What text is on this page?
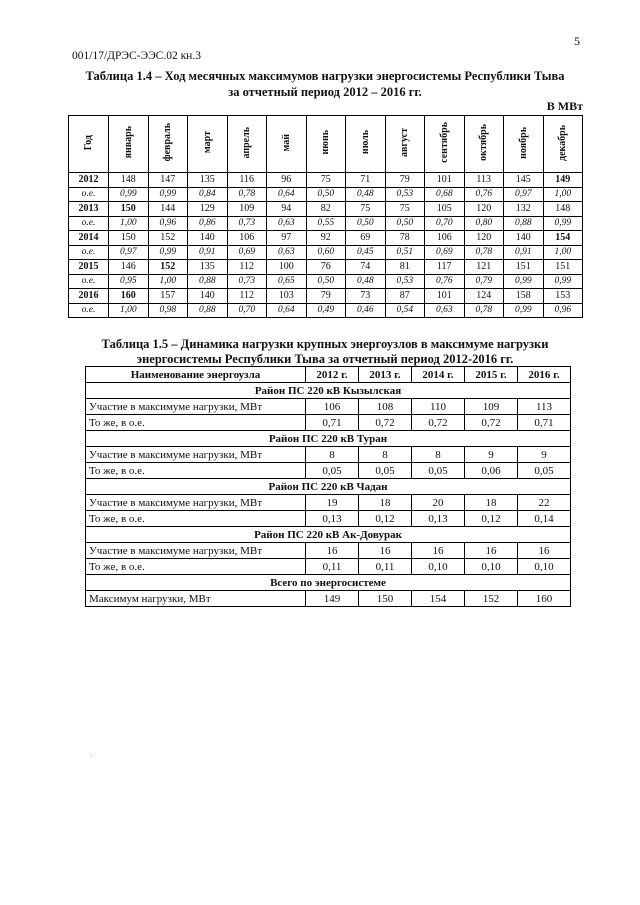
5
001/17/ДРЭС-ЭЭС.02 кн.3
Таблица 1.4 – Ход месячных максимумов нагрузки энергосистемы Республики Тыва
за отчетный период 2012 – 2016 гг.
В МВт
Год	январь	февраль	март	апрель	май	июнь	июль	август	сентябрь	октябрь	ноябрь	декабрь
2012	148	147	135	116	96	75	71	79	101	113	145	149
о.е.	0,99	0,99	0,84	0,78	0,64	0,50	0,48	0,53	0,68	0,76	0,97	1,00
2013	150	144	129	109	94	82	75	75	105	120	132	148
о.е.	1,00	0,96	0,86	0,73	0,63	0,55	0,50	0,50	0,70	0,80	0,88	0,99
2014	150	152	140	106	97	92	69	78	106	120	140	154
о.е.	0,97	0,99	0,91	0,69	0,63	0,60	0,45	0,51	0,69	0,78	0,91	1,00
2015	146	152	135	112	100	76	74	81	117	121	151	151
о.е.	0,95	1,00	0,88	0,73	0,65	0,50	0,48	0,53	0,76	0,79	0,99	0,99
2016	160	157	140	112	103	79	73	87	101	124	158	153
о.е.	1,00	0,98	0,88	0,70	0,64	0,49	0,46	0,54	0,63	0,78	0,99	0,96
Таблица 1.5 – Динамика нагрузки крупных энергоузлов в максимуме нагрузки
энергосистемы Республики Тыва за отчетный период 2012-2016 гг.
Наименование энергоузла	2012 г.	2013 г.	2014 г.	2015 г.	2016 г.
Район ПС 220 кВ Кызылская					
Участие в максимуме нагрузки, МВт	106	108	110	109	113
То же, в о.е.	0,71	0,72	0,72	0,72	0,71
Район ПС 220 кВ Туран					
Участие в максимуме нагрузки, МВт	8	8	8	9	9
То же, в о.е.	0,05	0,05	0,05	0,06	0,05
Район ПС 220 кВ Чадан					
Участие в максимуме нагрузки, МВт	19	18	20	18	22
То же, в о.е.	0,13	0,12	0,13	0,12	0,14
Район ПС 220 кВ Ак-Довурак					
Участие в максимуме нагрузки, МВт	16	16	16	16	16
То же, в о.е.	0,11	0,11	0,10	0,10	0,10
Всего по энергосистеме					
Максимум нагрузки, МВт	149	150	154	152	160
.
